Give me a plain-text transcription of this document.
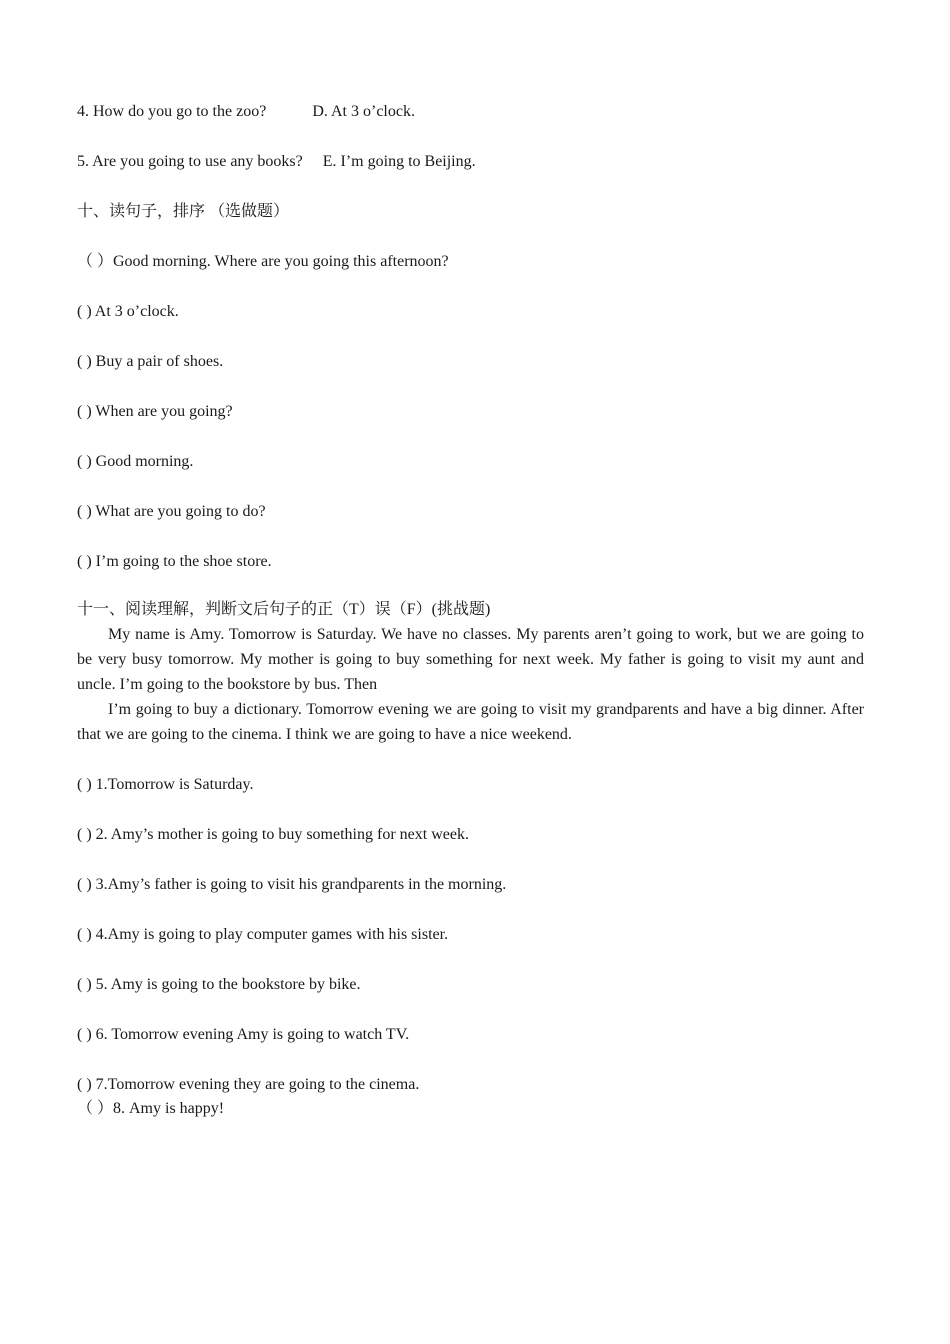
4. How do you go to the zoo?	D. At 3 o’clock.
5. Are you going to use any books? E. I’m going to Beijing.
十、读句子，排序 （选做题）
（ ）Good morning. Where are you going this afternoon?
( ) At 3 o’clock.
( ) Buy a pair of shoes.
( ) When are you going?
( ) Good morning.
( ) What are you going to do?
( ) I’m going to the shoe store.
十一、阅读理解，判断文后句子的正（T）误（F）(挑战题)
My name is Amy. Tomorrow is Saturday. We have no classes. My parents aren’t going to work, but we are going to be very busy tomorrow. My mother is going to buy something for next week. My father is going to visit my aunt and uncle. I’m going to the bookstore by bus. Then
I’m going to buy a dictionary. Tomorrow evening we are going to visit my grandparents and have a big dinner. After that we are going to the cinema. I think we are going to have a nice weekend.
( ) 1.Tomorrow is Saturday.
( ) 2. Amy’s mother is going to buy something for next week.
( ) 3.Amy’s father is going to visit his grandparents in the morning.
( ) 4.Amy is going to play computer games with his sister.
( ) 5. Amy is going to the bookstore by bike.
( ) 6. Tomorrow evening Amy is going to watch TV.
( ) 7.Tomorrow evening they are going to the cinema.
（ ）8. Amy is happy!
